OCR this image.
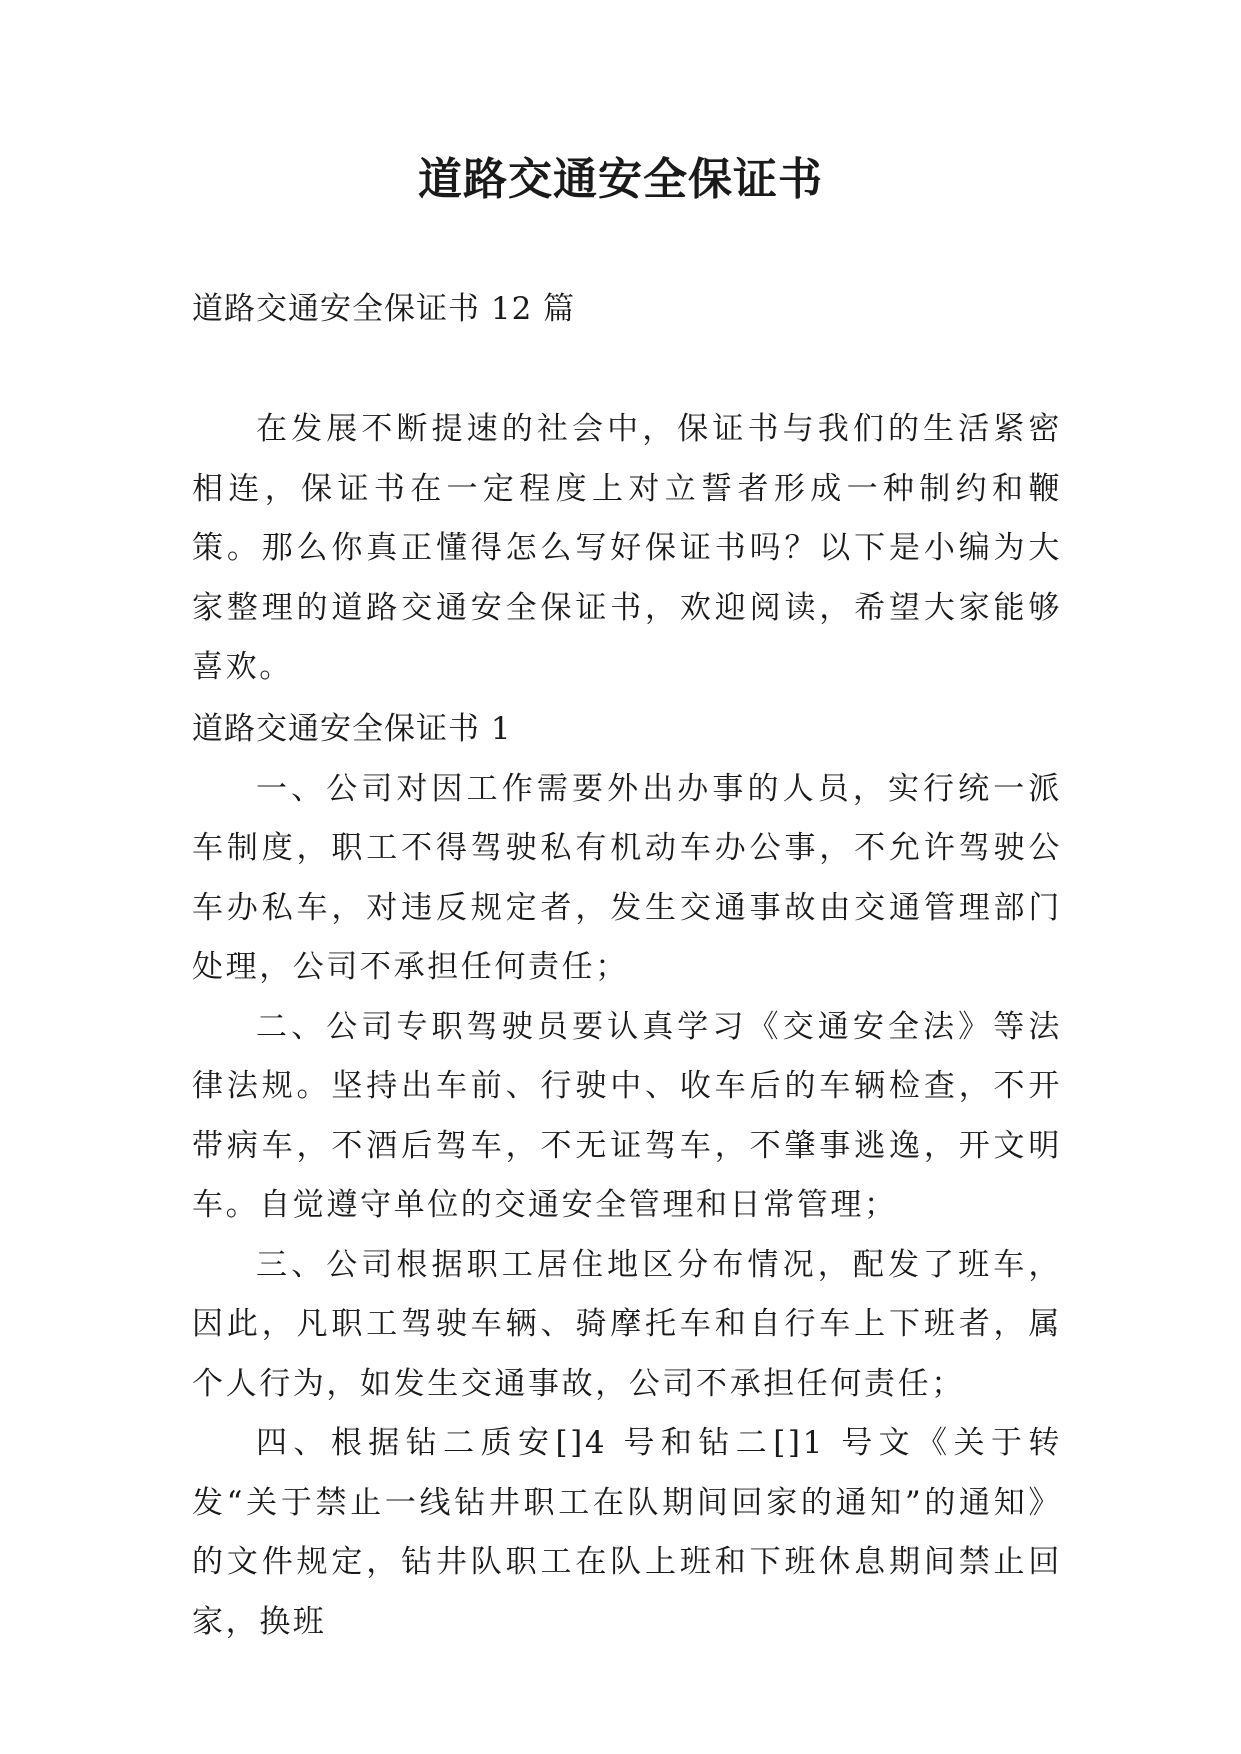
道路交通安全保证书

道路交通安全保证书 12 篇

在发展不断提速的社会中，保证书与我们的生活紧密相连，保证书在一定程度上对立誓者形成一种制约和鞭策。那么你真正懂得怎么写好保证书吗？以下是小编为大家整理的道路交通安全保证书，欢迎阅读，希望大家能够喜欢。

道路交通安全保证书 1

一、公司对因工作需要外出办事的人员，实行统一派车制度，职工不得驾驶私有机动车办公事，不允许驾驶公车办私车，对违反规定者，发生交通事故由交通管理部门处理，公司不承担任何责任；

二、公司专职驾驶员要认真学习《交通安全法》等法律法规。坚持出车前、行驶中、收车后的车辆检查，不开带病车，不酒后驾车，不无证驾车，不肇事逃逸，开文明车。自觉遵守单位的交通安全管理和日常管理；

三、公司根据职工居住地区分布情况，配发了班车，因此，凡职工驾驶车辆、骑摩托车和自行车上下班者，属个人行为，如发生交通事故，公司不承担任何责任；

四、根据钻二质安[]4 号和钻二[]1 号文《关于转发“关于禁止一线钻井职工在队期间回家的通知”的通知》的文件规定，钻井队职工在队上班和下班休息期间禁止回家，换班
